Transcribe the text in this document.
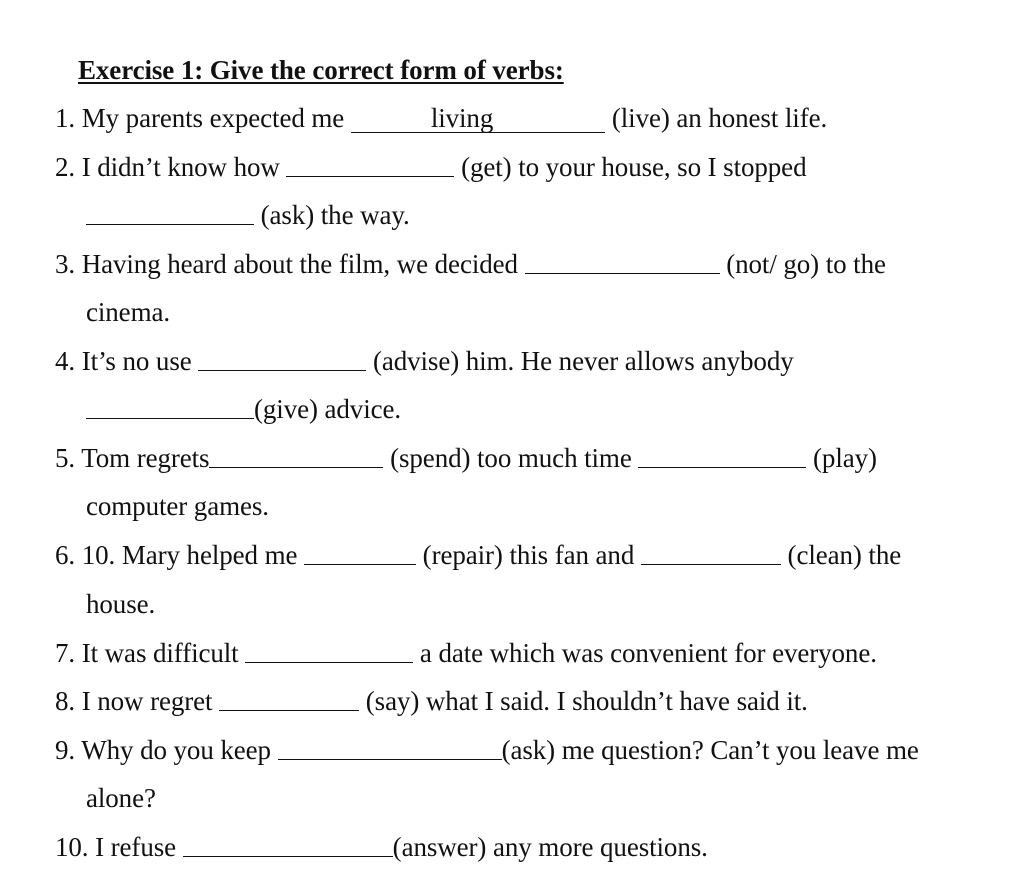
Exercise 1: Give the correct form of verbs:
1. My parents expected me	living	(live) an honest life.
2. I didn’t know how	(get) to your house, so I stopped
(ask) the way.
3. Having heard about the film, we decided	(not/ go) to the
cinema.
4. It’s no use	(advise) him. He never allows anybody
(give) advice.
5. Tom regrets	(spend) too much time	(play)
computer games.
6. 10. Mary helped me	(repair) this fan and	(clean) the
house.
7. It was difficult	a date which was convenient for everyone.
8. I now regret	(say) what I said. I shouldn’t have said it.
9. Why do you keep	(ask) me question? Can’t you leave me
alone?
10. I refuse	(answer) any more questions.
